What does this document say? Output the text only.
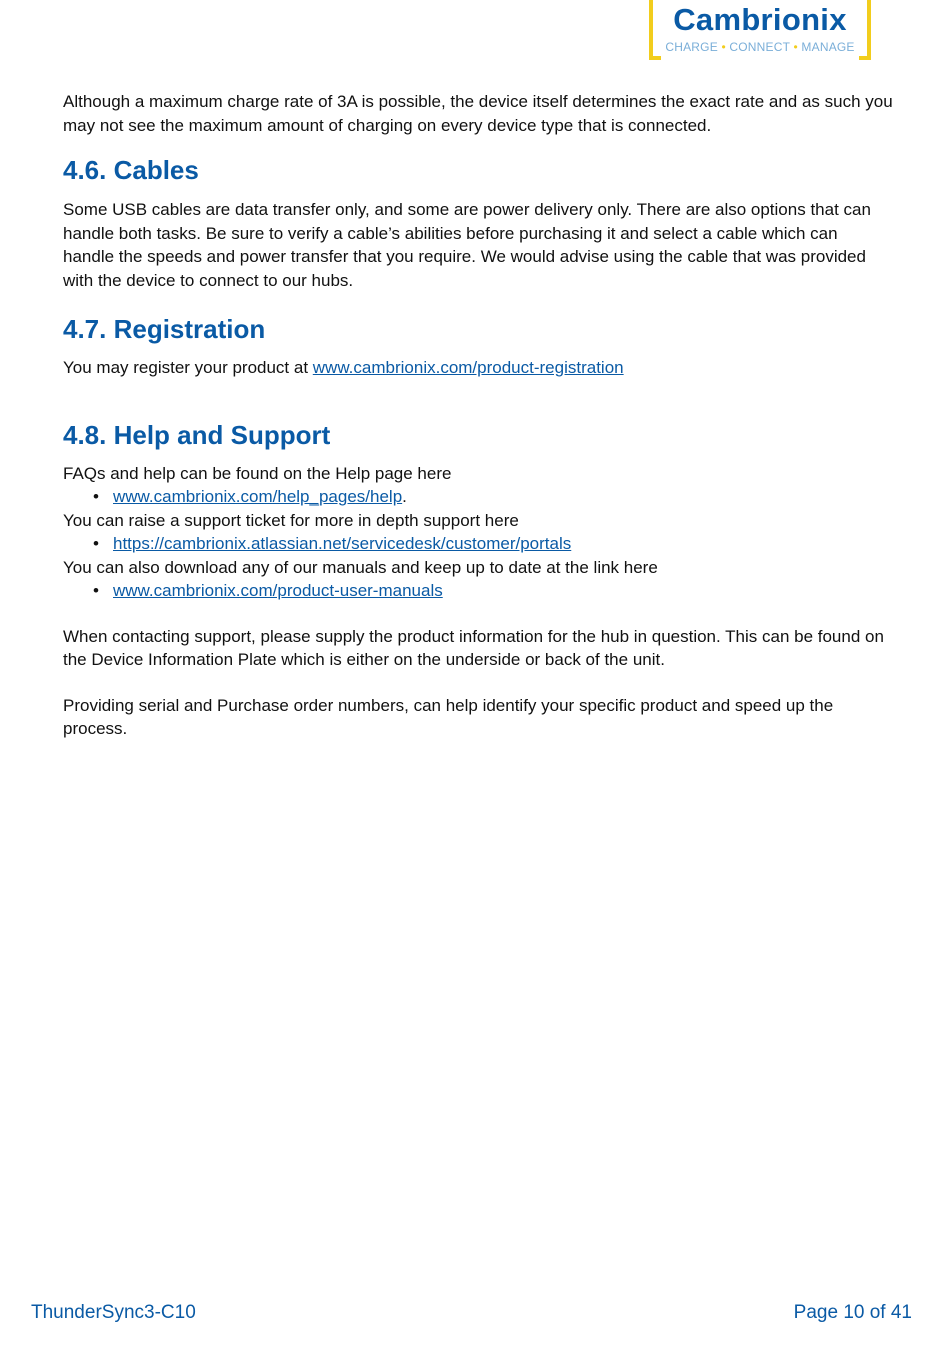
Cambrionix
CHARGE • CONNECT • MANAGE

Although a maximum charge rate of 3A is possible, the device itself determines the exact rate and as such you may not see the maximum amount of charging on every device type that is connected.

4.6. Cables

Some USB cables are data transfer only, and some are power delivery only. There are also options that can handle both tasks. Be sure to verify a cable’s abilities before purchasing it and select a cable which can handle the speeds and power transfer that you require. We would advise using the cable that was provided with the device to connect to our hubs.

4.7. Registration

You may register your product at www.cambrionix.com/product-registration

4.8. Help and Support

FAQs and help can be found on the Help page here

• www.cambrionix.com/help_pages/help.

You can raise a support ticket for more in depth support here

• https://cambrionix.atlassian.net/servicedesk/customer/portals

You can also download any of our manuals and keep up to date at the link here

• www.cambrionix.com/product-user-manuals

When contacting support, please supply the product information for the hub in question. This can be found on the Device Information Plate which is either on the underside or back of the unit.

Providing serial and Purchase order numbers, can help identify your specific product and speed up the process.

ThunderSync3-C10	Page 10 of 41
